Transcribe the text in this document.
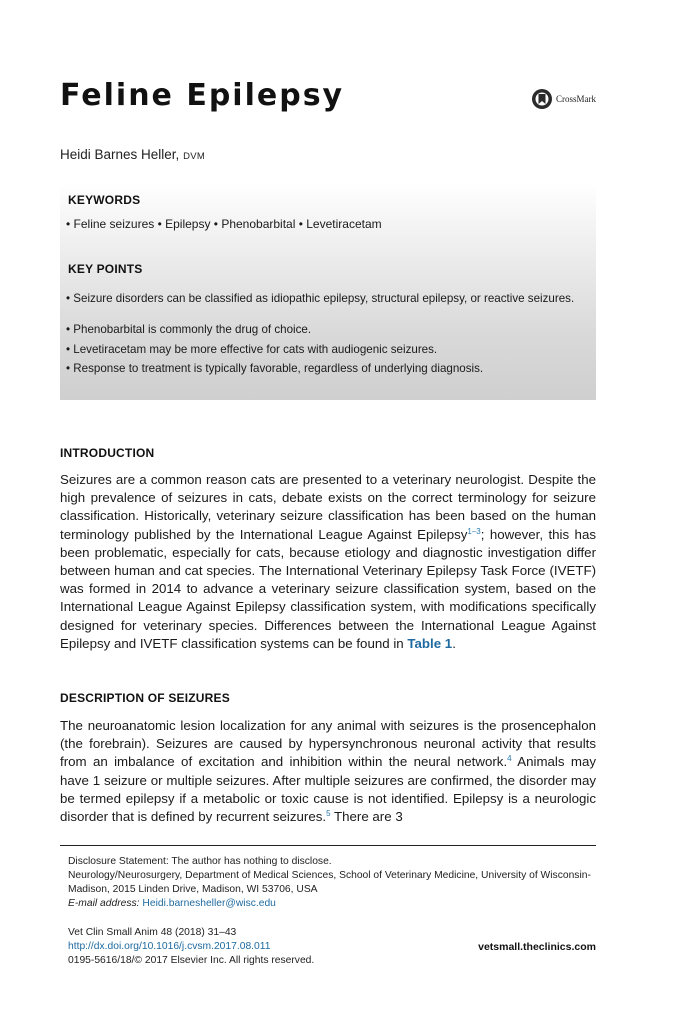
Feline Epilepsy	CrossMark
Heidi Barnes Heller, DVM
KEYWORDS
• Feline seizures • Epilepsy • Phenobarbital • Levetiracetam
KEY POINTS
• Seizure disorders can be classified as idiopathic epilepsy, structural epilepsy, or reactive seizures.
• Phenobarbital is commonly the drug of choice.
• Levetiracetam may be more effective for cats with audiogenic seizures.
• Response to treatment is typically favorable, regardless of underlying diagnosis.
INTRODUCTION
Seizures are a common reason cats are presented to a veterinary neurologist. Despite the high prevalence of seizures in cats, debate exists on the correct terminology for seizure classification. Historically, veterinary seizure classification has been based on the human terminology published by the International League Against Epilepsy$^{1-3}$; however, this has been problematic, especially for cats, because etiology and diagnostic investigation differ between human and cat species. The International Veterinary Epilepsy Task Force (IVETF) was formed in 2014 to advance a veterinary seizure classification system, based on the International League Against Epilepsy classification system, with modifications specifically designed for veterinary species. Differences between the International League Against Epilepsy and IVETF classification systems can be found in Table 1.
DESCRIPTION OF SEIZURES
The neuroanatomic lesion localization for any animal with seizures is the prosencephalon (the forebrain). Seizures are caused by hypersynchronous neuronal activity that results from an imbalance of excitation and inhibition within the neural network.$^4$ Animals may have 1 seizure or multiple seizures. After multiple seizures are confirmed, the disorder may be termed epilepsy if a metabolic or toxic cause is not identified. Epilepsy is a neurologic disorder that is defined by recurrent seizures.$^5$ There are 3
Disclosure Statement: The author has nothing to disclose.
Neurology/Neurosurgery, Department of Medical Sciences, School of Veterinary Medicine, University of Wisconsin-Madison, 2015 Linden Drive, Madison, WI 53706, USA
E-mail address: Heidi.barnesheller@wisc.edu
Vet Clin Small Anim 48 (2018) 31–43
http://dx.doi.org/10.1016/j.cvsm.2017.08.011
0195-5616/18/© 2017 Elsevier Inc. All rights reserved.
vetsmall.theclinics.com
